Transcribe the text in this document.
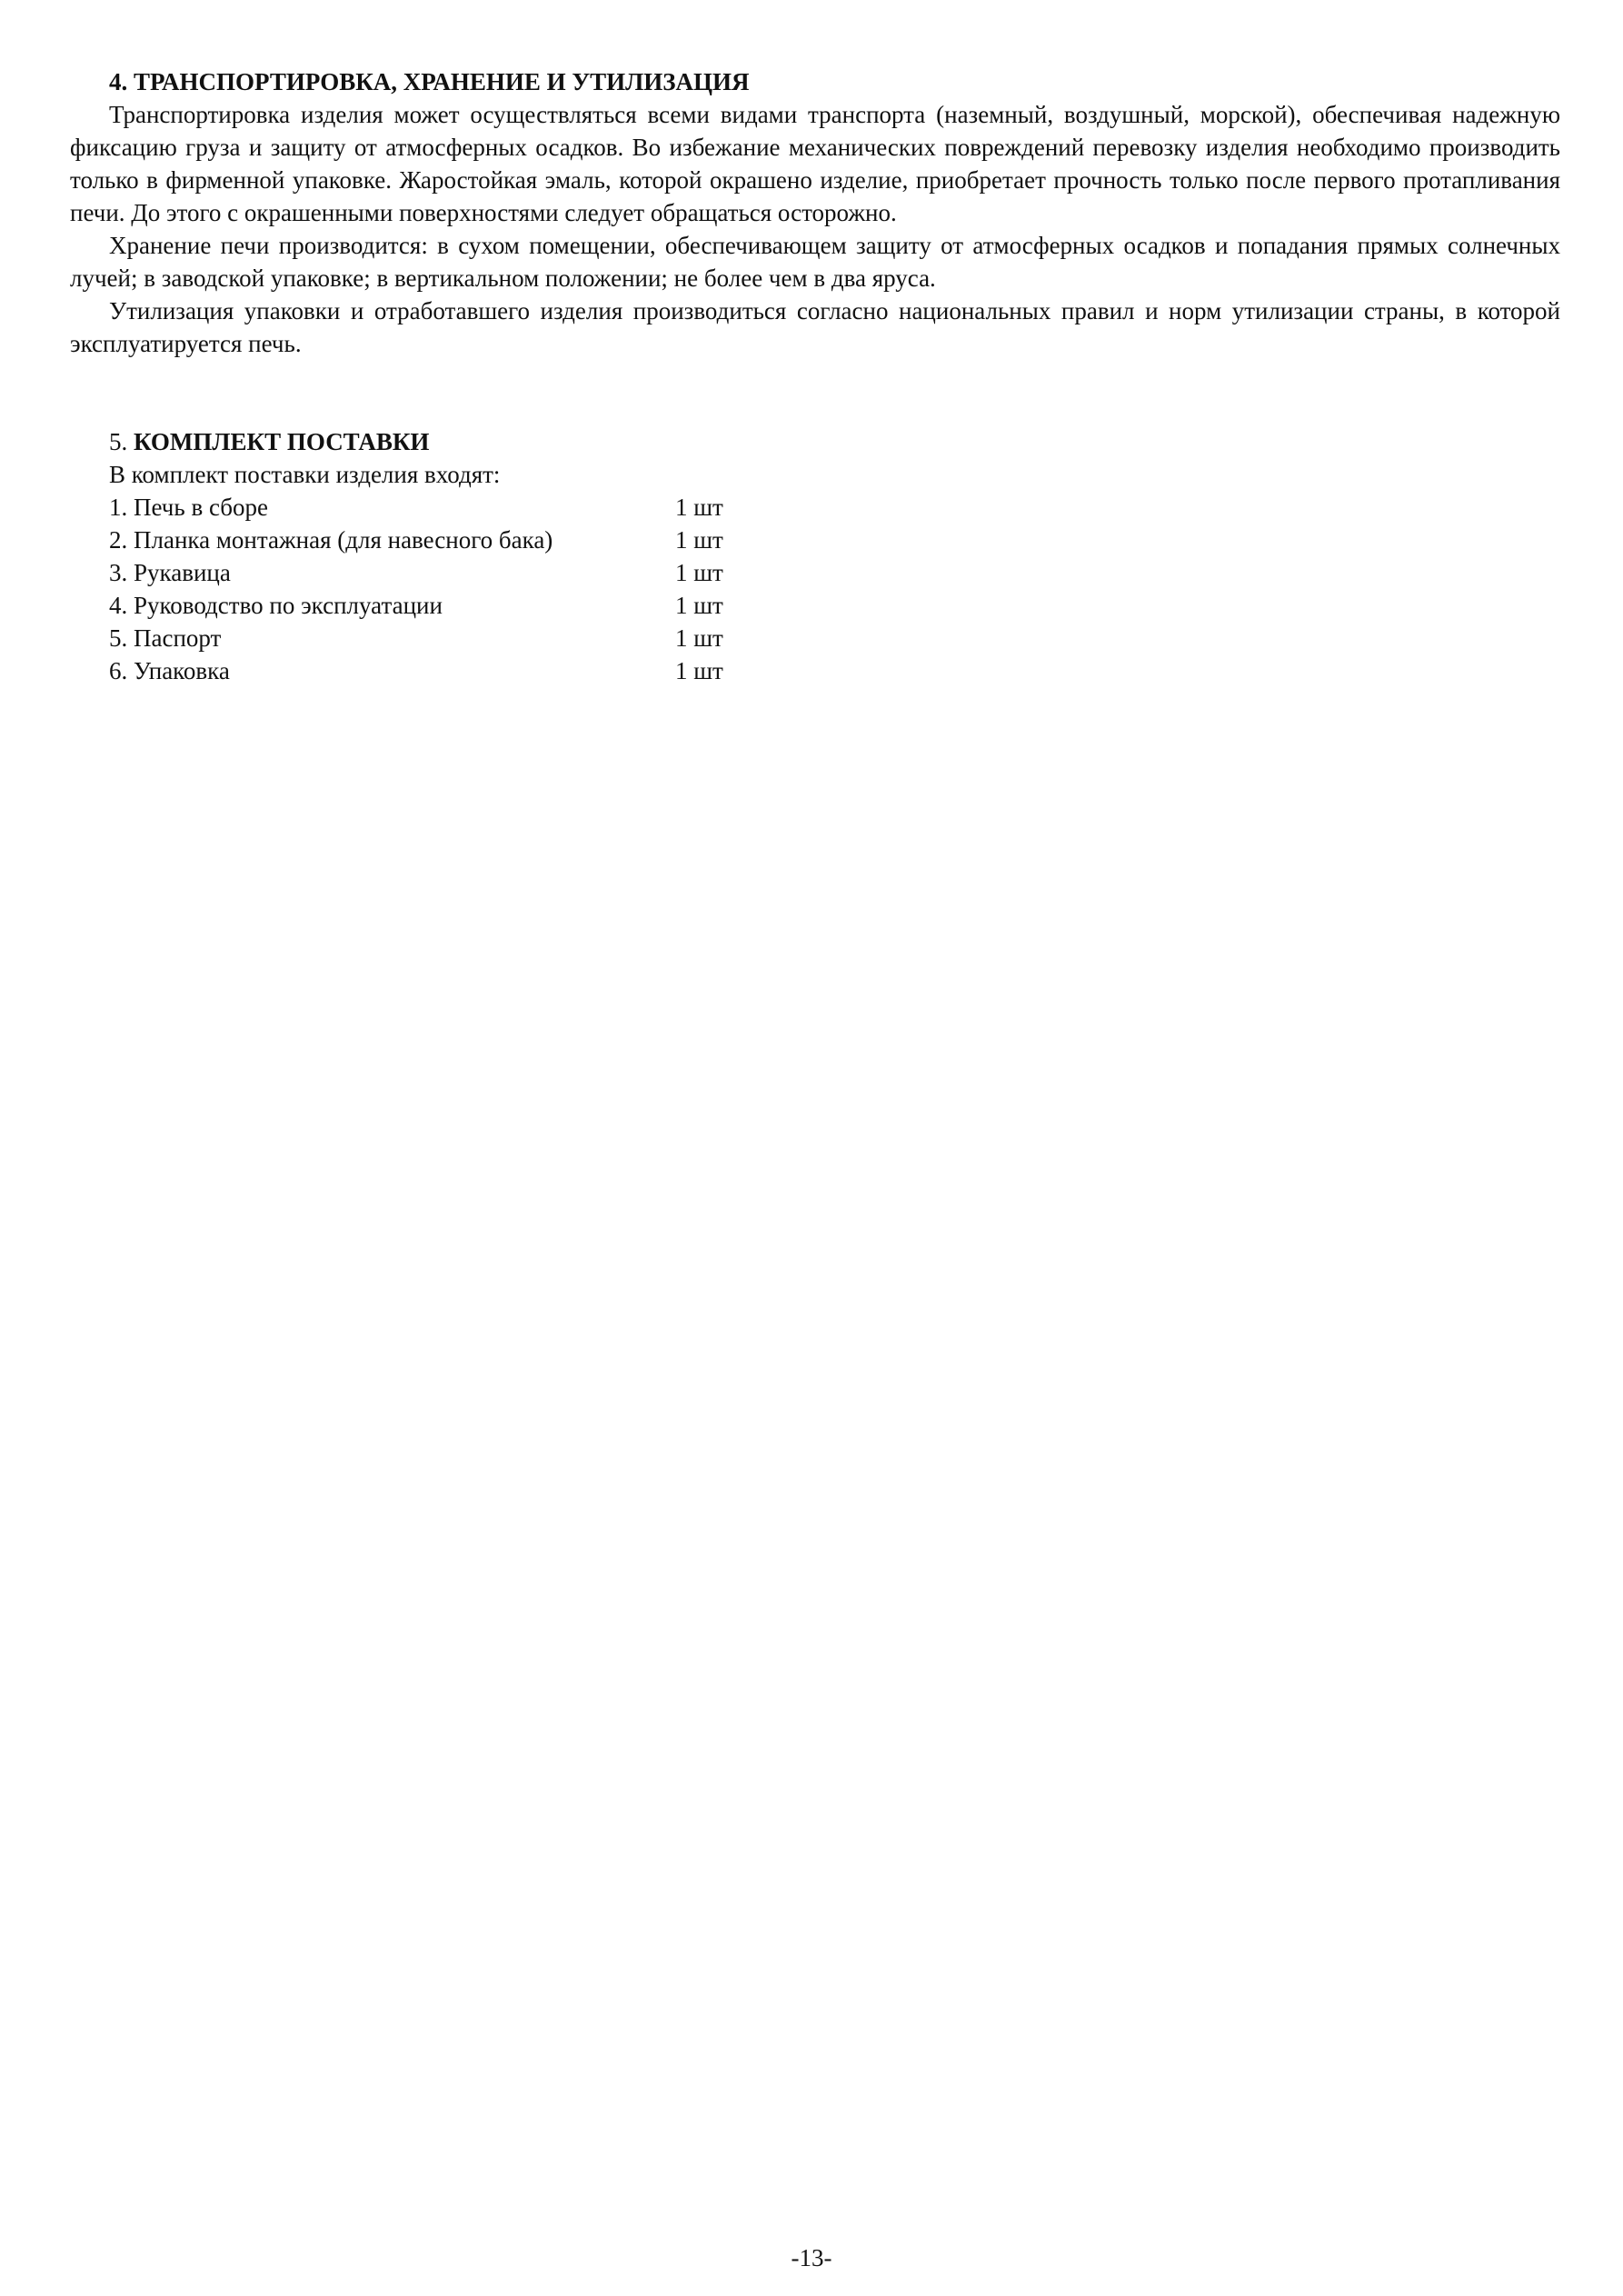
4. ТРАНСПОРТИРОВКА, ХРАНЕНИЕ И УТИЛИЗАЦИЯ

Транспортировка изделия может осуществляться всеми видами транспорта (наземный, воздушный, морской), обеспечивая надежную фиксацию груза и защиту от атмосферных осадков. Во избежание механических повреждений перевозку изделия необходимо производить только в фирменной упаковке. Жаростойкая эмаль, которой окрашено изделие, приобретает прочность только после первого протапливания печи. До этого с окрашенными поверхностями следует обращаться осторожно.

Хранение печи производится: в сухом помещении, обеспечивающем защиту от атмосферных осадков и попадания прямых солнечных лучей; в заводской упаковке; в вертикальном положении; не более чем в два яруса.

Утилизация упаковки и отработавшего изделия производиться согласно национальных правил и норм утилизации страны, в которой эксплуатируется печь.

5. КОМПЛЕКТ ПОСТАВКИ

В комплект поставки изделия входят:

1. Печь в сборе	1 шт
2. Планка монтажная (для навесного бака)	1 шт
3. Рукавица	1 шт
4. Руководство по эксплуатации	1 шт
5. Паспорт	1 шт
6. Упаковка	1 шт
-13-
